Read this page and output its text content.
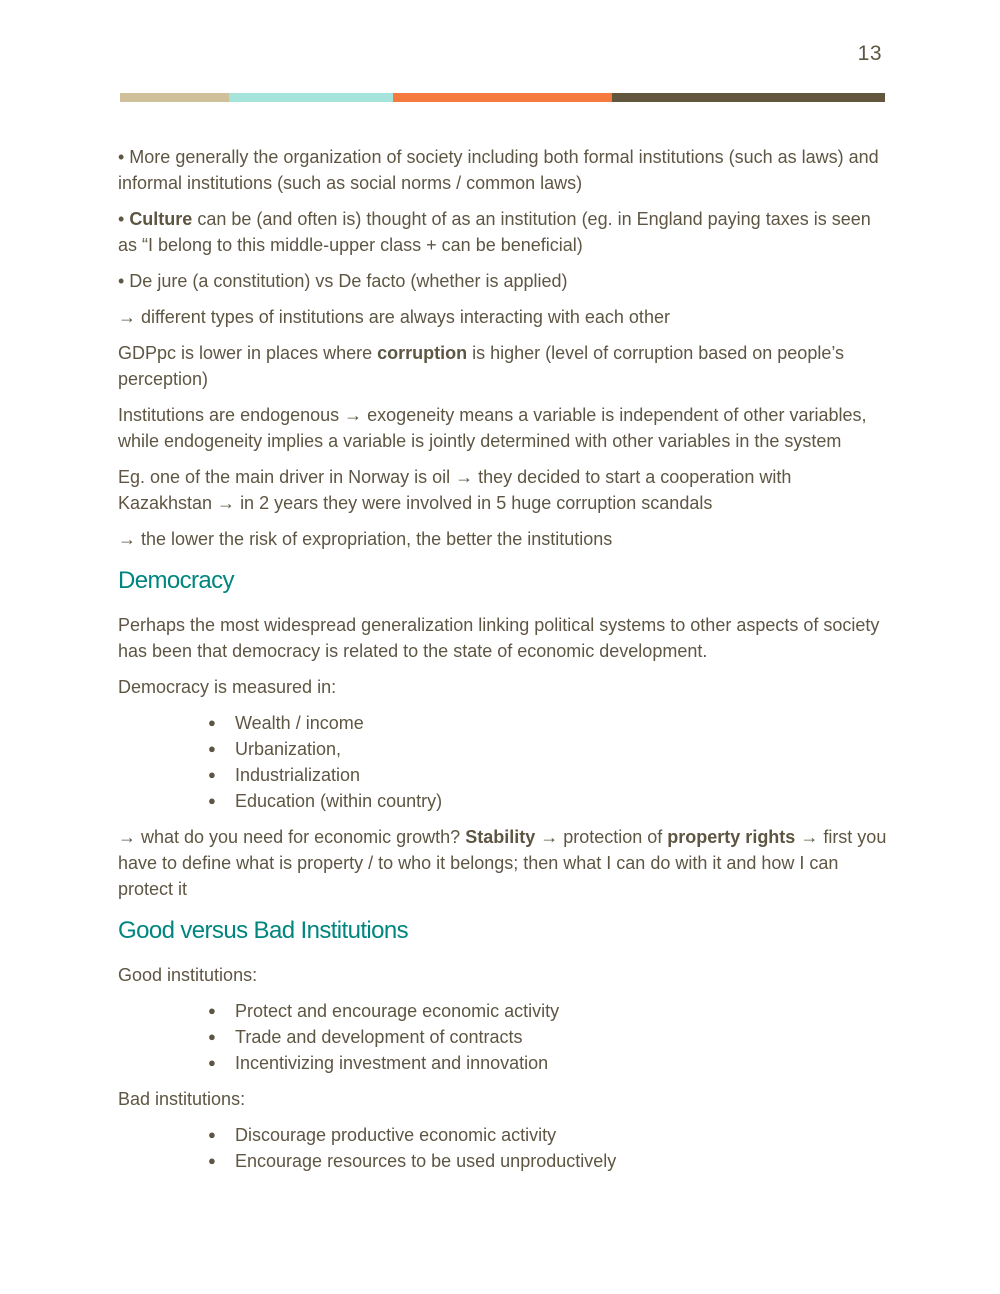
13

• More generally the organization of society including both formal institutions (such as laws) and informal institutions (such as social norms / common laws)

• Culture can be (and often is) thought of as an institution (eg. in England paying taxes is seen as “I belong to this middle-upper class + can be beneficial)

• De jure (a constitution) vs De facto (whether is applied)

→ different types of institutions are always interacting with each other

GDPpc is lower in places where corruption is higher (level of corruption based on people’s perception)

Institutions are endogenous → exogeneity means a variable is independent of other variables, while endogeneity implies a variable is jointly determined with other variables in the system

Eg. one of the main driver in Norway is oil → they decided to start a cooperation with Kazakhstan → in 2 years they were involved in 5 huge corruption scandals

→ the lower the risk of expropriation, the better the institutions

Democracy

Perhaps the most widespread generalization linking political systems to other aspects of society has been that democracy is related to the state of economic development.

Democracy is measured in:

● Wealth / income
● Urbanization,
● Industrialization
● Education (within country)

→ what do you need for economic growth? Stability → protection of property rights → first you have to define what is property / to who it belongs; then what I can do with it and how I can protect it

Good versus Bad Institutions

Good institutions:

● Protect and encourage economic activity
● Trade and development of contracts
● Incentivizing investment and innovation

Bad institutions:

● Discourage productive economic activity
● Encourage resources to be used unproductively
